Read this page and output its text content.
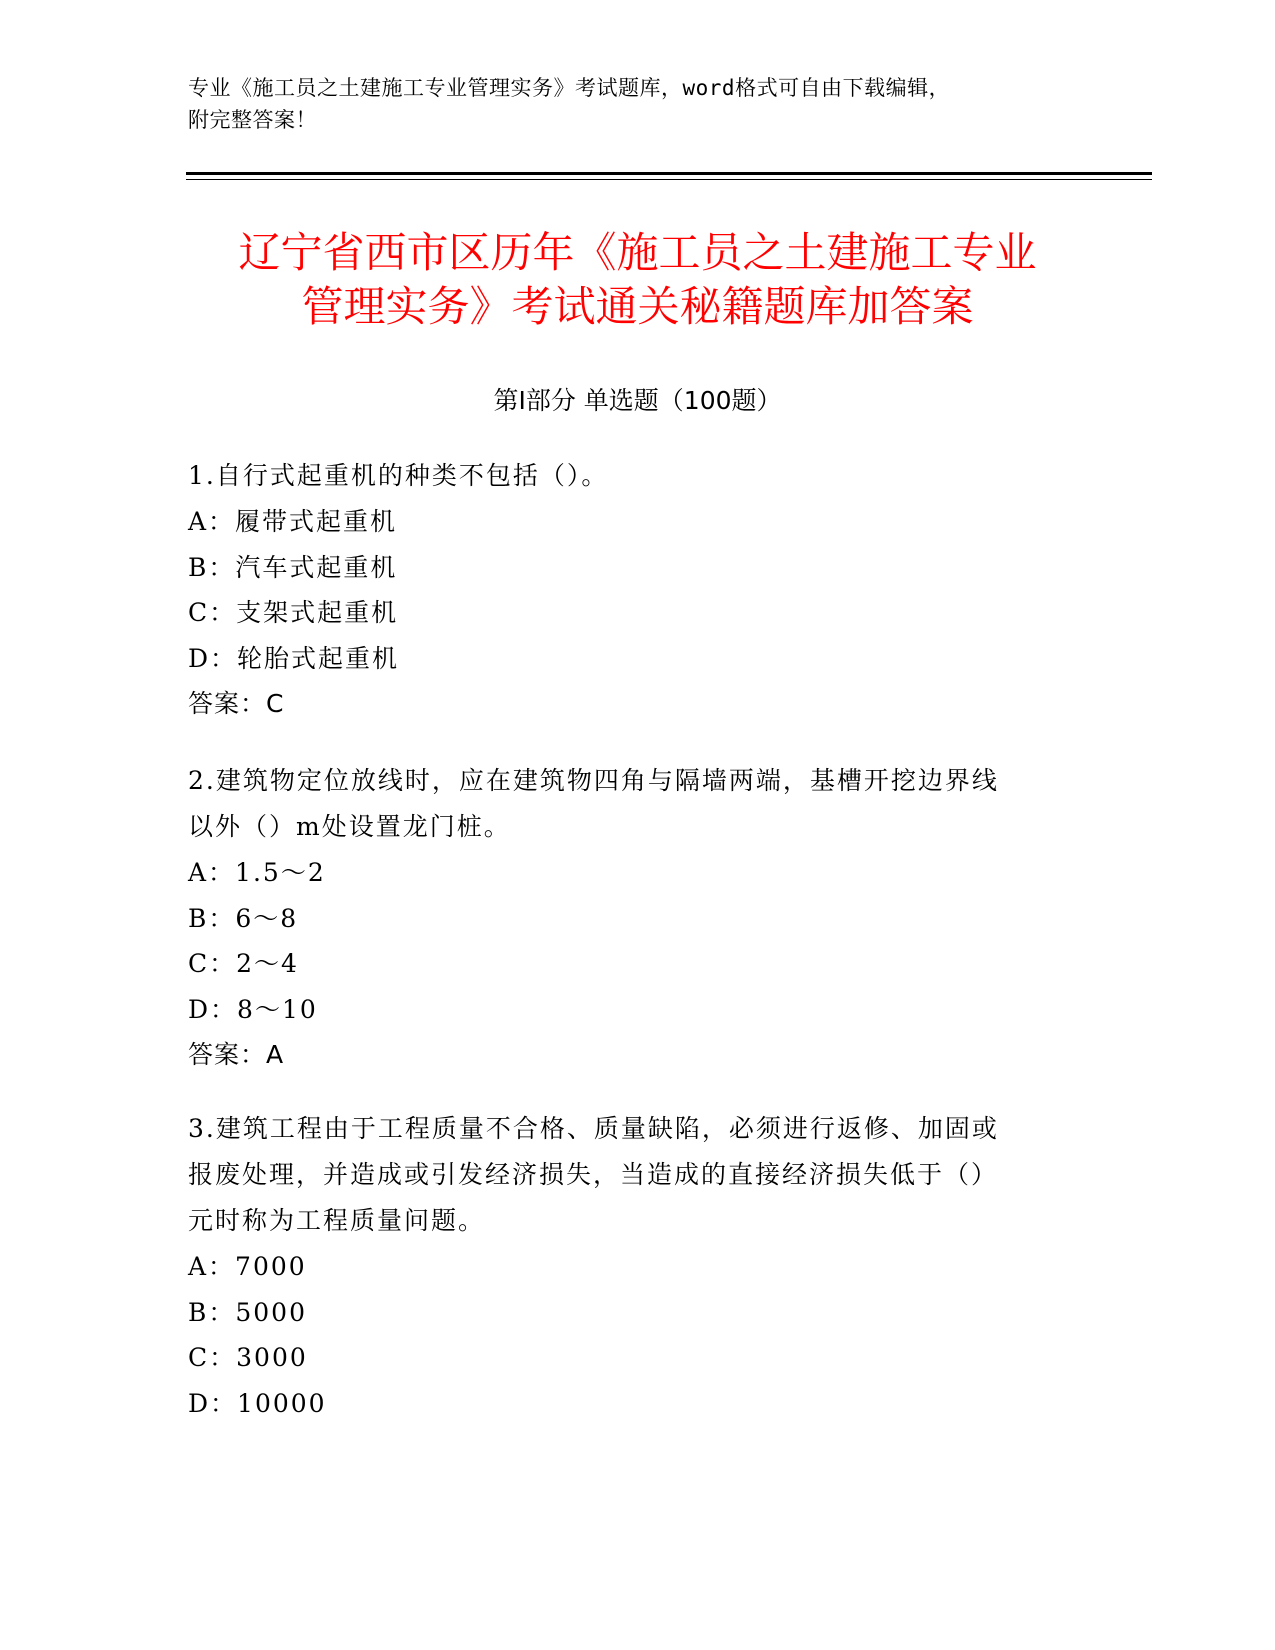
专业《施工员之土建施工专业管理实务》考试题库，word格式可自由下载编辑，
附完整答案！
辽宁省西市区历年《施工员之土建施工专业
管理实务》考试通关秘籍题库加答案
第Ⅰ部分 单选题（100题）
1.自行式起重机的种类不包括（）。
A：履带式起重机
B：汽车式起重机
C：支架式起重机
D：轮胎式起重机
答案：C
2.建筑物定位放线时，应在建筑物四角与隔墙两端，基槽开挖边界线
以外（）m处设置龙门桩。
A：1.5～2
B：6～8
C：2～4
D：8～10
答案：A
3.建筑工程由于工程质量不合格、质量缺陷，必须进行返修、加固或
报废处理，并造成或引发经济损失，当造成的直接经济损失低于（）
元时称为工程质量问题。
A：7000
B：5000
C：3000
D：10000
